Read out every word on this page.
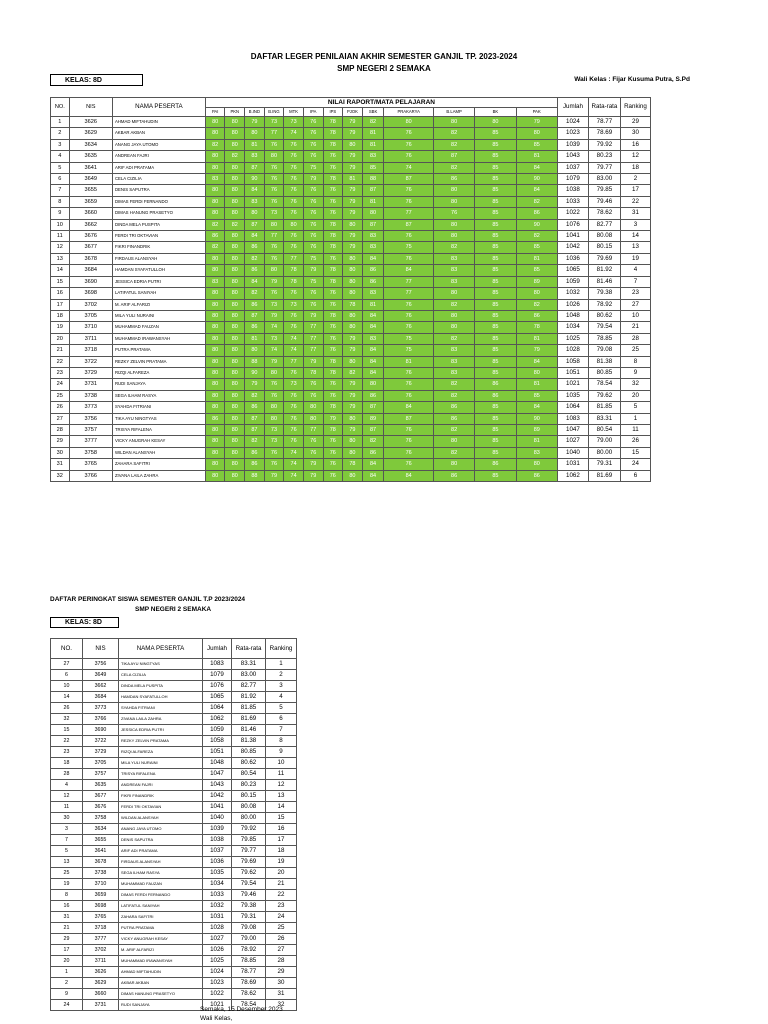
DAFTAR LEGER PENILAIAN AKHIR SEMESTER GANJIL TP. 2023-2024
SMP NEGERI 2 SEMAKA
KELAS: 8D	Wali Kelas : Fijar Kusuma Putra, S.Pd
NO.	NIS	NAMA PESERTA	NILAI RAPORT/MATA PELAJARAN													Jumlah	Rata-rata	Ranking
			PAI	PKN	B.IND	B.ING	MTK	IPA	IPS	PJOK	SBK	PRAKARYA	B.LAMP	BK	PAK			
1	3626	AHMAD MIFTAHUDIN	80	80	79	73	73	76	78	79	82	80	80	80	79	1024	78.77	29
2	3629	AKBAR AKBAN	80	80	80	77	74	76	78	79	81	76	82	85	80	1023	78.69	30
3	3634	ANANG JAYA UTOMO	82	80	81	76	76	76	78	80	81	76	82	85	85	1039	79.92	16
4	3635	ANDREAN FAJRI	80	82	83	80	76	76	76	79	83	76	87	85	81	1043	80.23	12
5	3641	ARIF ADI PRATAMA	80	80	87	76	76	75	76	79	85	74	82	85	84	1037	79.77	18
6	3649	CELA CIZILIA	83	80	90	76	76	79	78	81	88	87	86	85	90	1079	83.00	2
7	3655	DENIS SAPUTRA	80	80	84	76	76	76	76	79	87	76	80	85	84	1038	79.85	17
8	3659	DIMAS FERDI FERNANDO	80	80	83	76	76	76	76	79	81	76	80	85	82	1033	79.46	22
9	3660	DIMAS HANUNG PRASETYO	80	80	80	73	76	76	76	79	80	77	76	85	86	1022	78.62	31
10	3662	DINDA MELA PUSPITA	82	82	87	80	80	76	78	80	87	87	80	85	90	1076	82.77	3
11	3676	FERDI TRI OKTAVIAN	86	80	84	77	76	76	78	79	83	76	80	85	82	1041	80.08	14
12	3677	FIKRI FINANDRIK	82	80	86	76	76	76	78	79	83	75	82	85	85	1042	80.15	13
13	3678	FIRDAUS ALANSYAH	80	80	82	76	77	75	76	80	84	76	83	85	81	1036	79.69	19
14	3684	HAMDAN SYAFATULLOH	80	80	86	80	78	79	78	80	86	84	83	85	85	1065	81.92	4
15	3690	JESSICA EDRIA PUTRI	83	80	84	79	78	75	78	80	86	77	83	85	89	1059	81.46	7
16	3698	LATIFATUL SANIYAH	80	80	82	76	76	76	76	80	83	77	80	85	80	1032	79.38	23
17	3702	M. ARIF ALFARIZI	80	80	86	73	73	76	76	78	81	76	82	85	82	1026	78.92	27
18	3705	MILA YULI NURAINI	80	80	87	79	76	79	78	80	84	76	80	85	86	1048	80.62	10
19	3710	MUHAMMAD FAUZAN	80	80	86	74	76	77	76	80	84	76	80	85	78	1034	79.54	21
20	3711	MUHAMMAD IRAWANSYAH	80	80	81	73	74	77	76	79	83	75	82	85	81	1025	78.85	28
21	3718	PUTRA PRATAMA	80	80	80	74	74	77	76	79	84	75	83	85	79	1028	79.08	25
22	3722	REZKY ZELVIN PRATAMA	80	80	88	79	77	79	78	80	84	81	83	85	84	1058	81.38	8
23	3729	RIZQI ALFAREZA	80	80	90	80	76	78	78	82	84	76	83	85	80	1051	80.85	9
24	3731	RUDI SANJAYA	80	80	79	76	73	76	76	79	80	76	82	86	81	1021	78.54	32
25	3738	SEGA ILHAM RASYA	80	80	82	76	76	76	76	79	86	76	82	86	85	1035	79.62	20
26	3773	SYAHDA FITRIANI	80	80	86	80	76	80	78	79	87	84	86	85	84	1064	81.85	5
27	3756	TIKA AYU NINGTYAS	86	80	87	80	76	80	79	80	89	87	86	85	90	1083	83.31	1
28	3757	TRISYA RIFALENA	80	80	87	73	76	77	78	79	87	76	82	85	89	1047	80.54	11
29	3777	VICKY ANUGRAH KESAY	80	80	82	73	76	76	76	80	82	76	80	85	81	1027	79.00	26
30	3758	WILDAN ALANSYAH	80	80	86	76	74	76	76	80	86	76	82	85	83	1040	80.00	15
31	3765	ZAHARA SAFITRI	80	80	86	76	74	79	76	78	84	76	80	86	80	1031	79.31	24
32	3766	ZIVANA LAILA ZAHRA	80	80	88	79	74	79	76	80	84	84	86	85	86	1062	81.69	6
DAFTAR PERINGKAT SISWA SEMESTER GANJIL T.P 2023/2024
SMP NEGERI 2 SEMAKA
KELAS: 8D
NO.	NIS	NAMA PESERTA	Jumlah	Rata-rata	Ranking
27	3756	TIKA AYU NINGTYAS	1083	83.31	1
6	3649	CELA CIZILIA	1079	83.00	2
10	3662	DINDA MELA PUSPITA	1076	82.77	3
14	3684	HAMDAN SYAFATULLOH	1065	81.92	4
26	3773	SYAHDA FITRIANI	1064	81.85	5
32	3766	ZIVANA LAILA ZAHRA	1062	81.69	6
15	3690	JESSICA EDRIA PUTRI	1059	81.46	7
22	3722	REZKY ZELVIN PRATAMA	1058	81.38	8
23	3729	RIZQI ALFAREZA	1051	80.85	9
18	3705	MILA YULI NURAINI	1048	80.62	10
28	3757	TRISYA RIFALENA	1047	80.54	11
4	3635	ANDREAN FAJRI	1043	80.23	12
12	3677	FIKRI FINANDRIK	1042	80.15	13
11	3676	FERDI TRI OKTAVIAN	1041	80.08	14
30	3758	WILDAN ALANSYAH	1040	80.00	15
3	3634	ANANG JAYA UTOMO	1039	79.92	16
7	3655	DENIS SAPUTRA	1038	79.85	17
5	3641	ARIF ADI PRATAMA	1037	79.77	18
13	3678	FIRDAUS ALANSYAH	1036	79.69	19
25	3738	SEGA ILHAM RASYA	1035	79.62	20
19	3710	MUHAMMAD FAUZAN	1034	79.54	21
8	3659	DIMAS FERDI FERNANDO	1033	79.46	22
16	3698	LATIFATUL SANIYAH	1032	79.38	23
31	3765	ZAHARA SAFITRI	1031	79.31	24
21	3718	PUTRA PRATAMA	1028	79.08	25
29	3777	VICKY ANUGRAH KESAY	1027	79.00	26
17	3702	M. ARIF ALFARIZI	1026	78.92	27
20	3711	MUHAMMAD IRAWANSYAH	1025	78.85	28
1	3626	AHMAD MIFTAHUDIN	1024	78.77	29
2	3629	AKBAR AKBAN	1023	78.69	30
9	3660	DIMAS HANUNG PRASETYO	1022	78.62	31
24	3731	RUDI SANJAYA	1021	78.54	32
Semaka, 15 Desember 2023
Wali Kelas,
